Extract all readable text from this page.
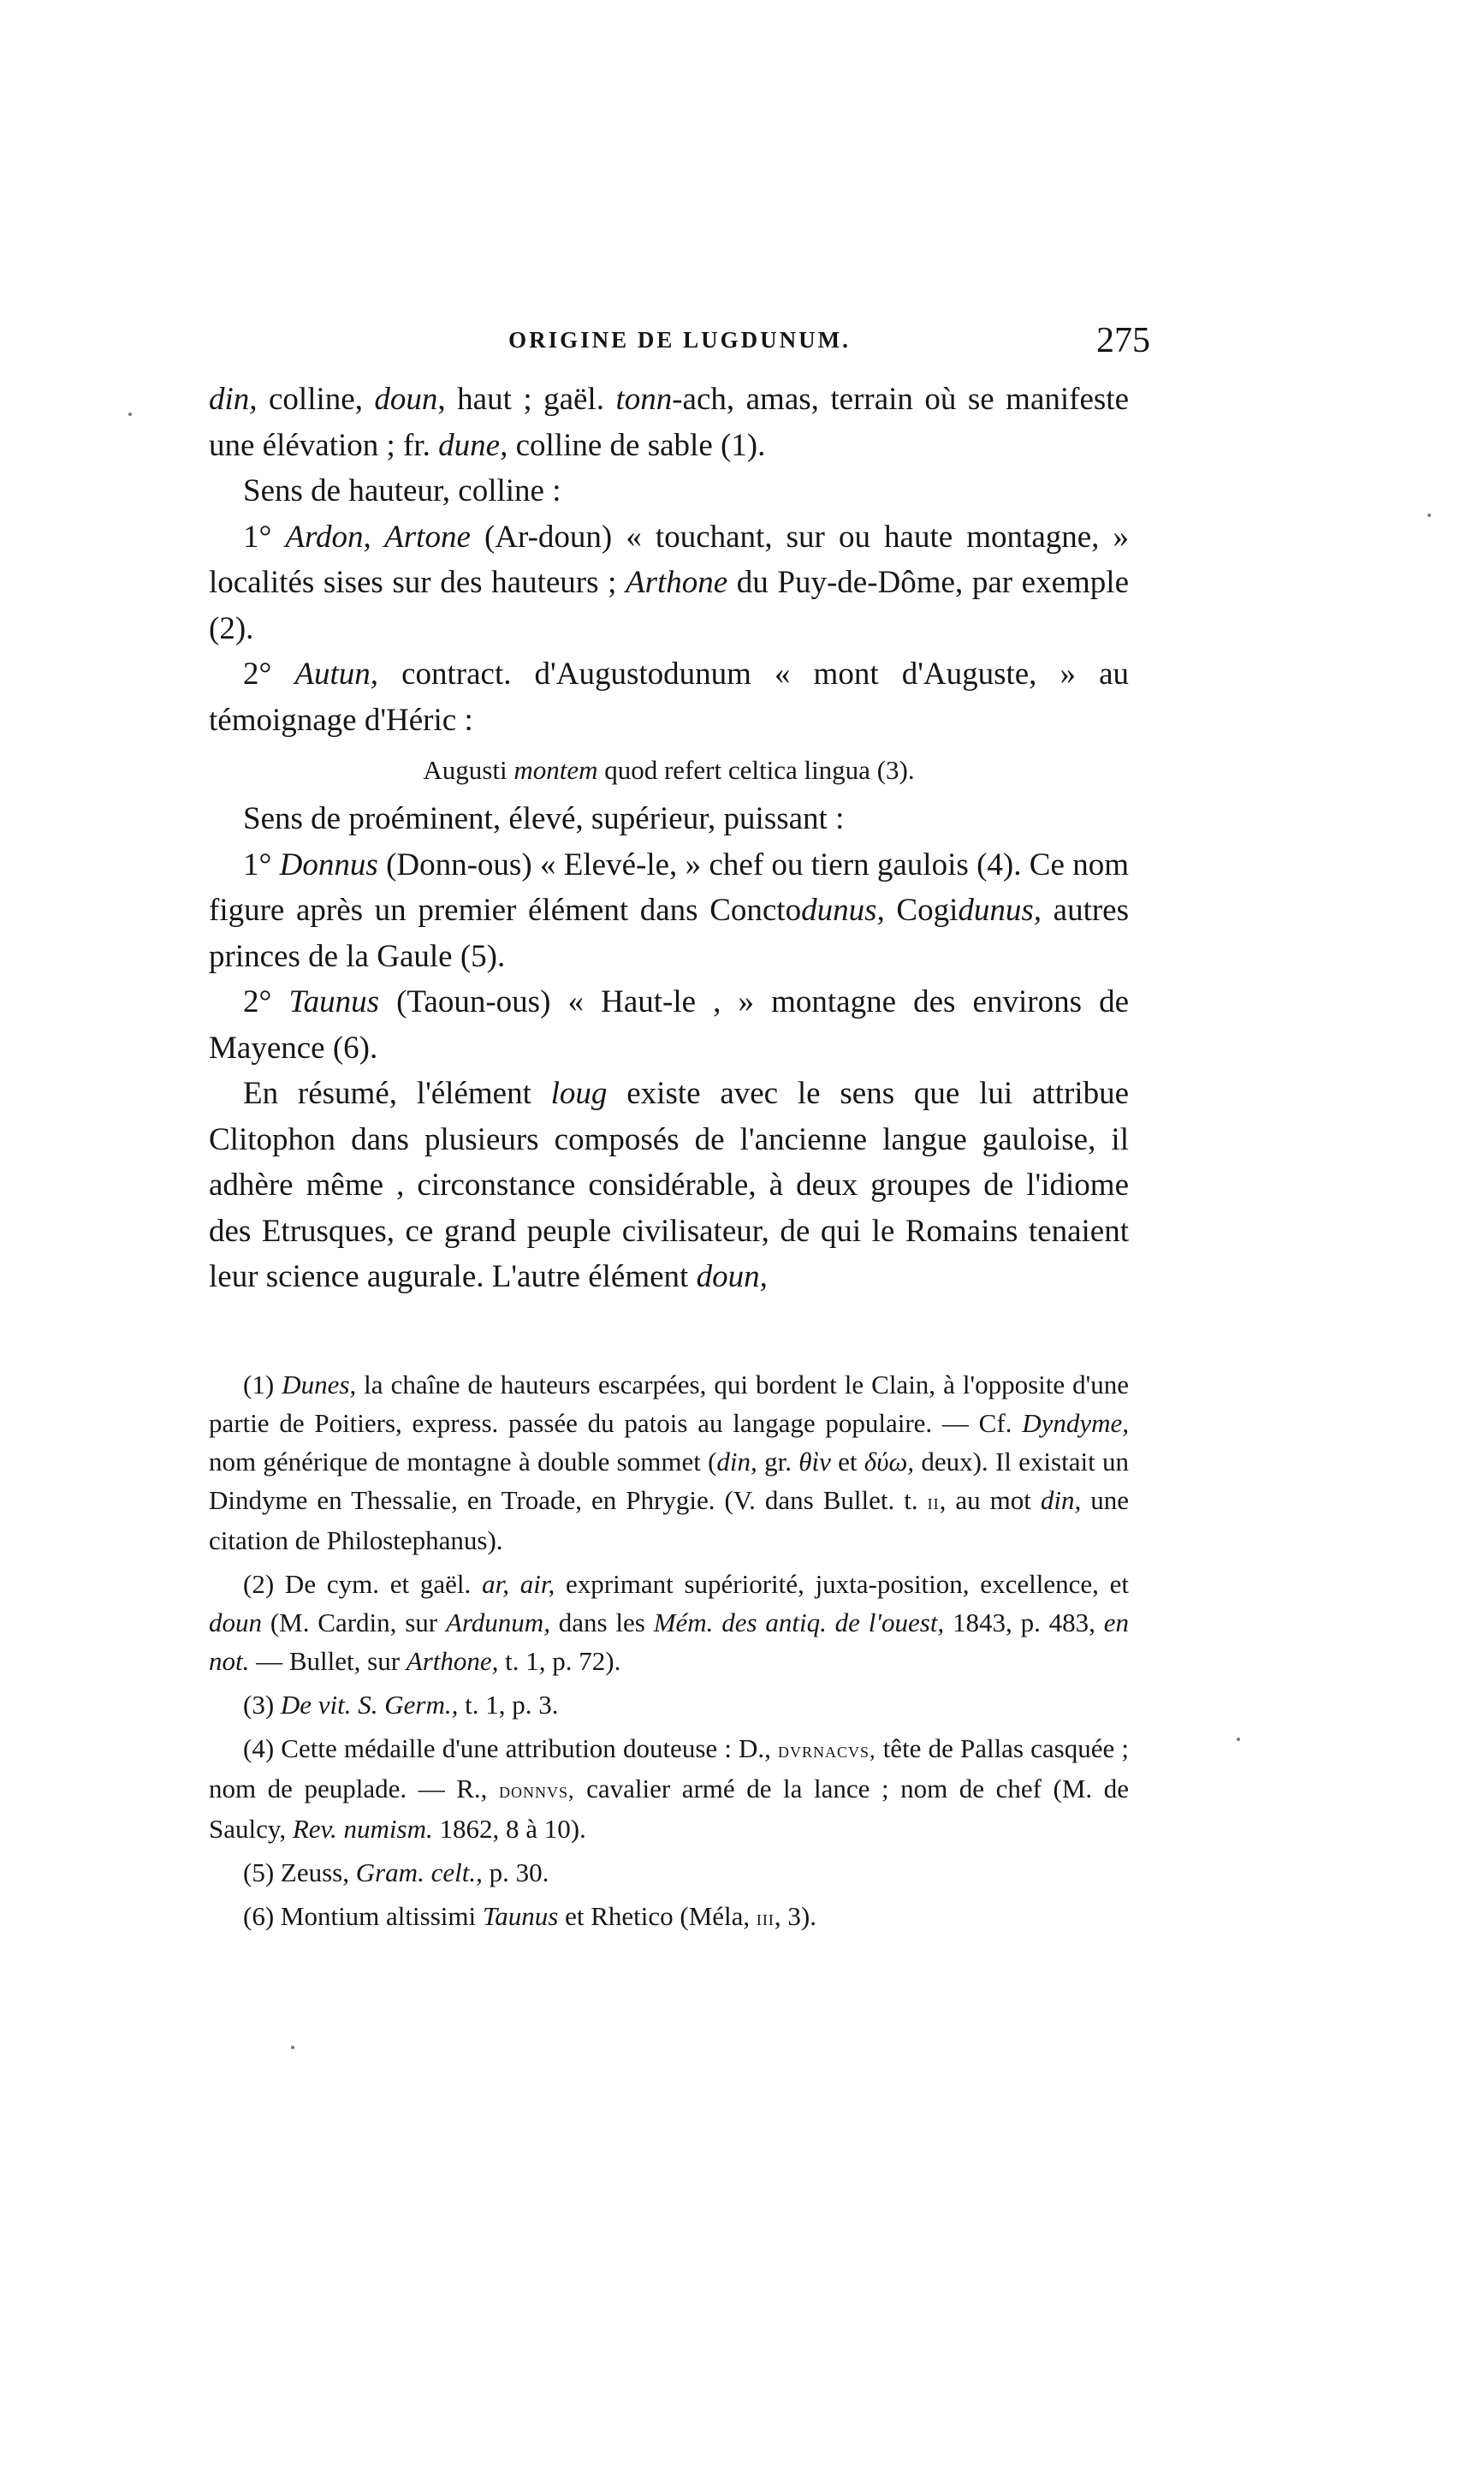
ORIGINE DE LUGDUNUM.	275

din, colline, doun, haut ; gaël. tonn-ach, amas, terrain où se manifeste une élévation ; fr. dune, colline de sable (1).

Sens de hauteur, colline :

1° Ardon, Artone (Ar-doun) « touchant, sur ou haute montagne, » localités sises sur des hauteurs ; Arthone du Puy-de-Dôme, par exemple (2).

2° Autun, contract. d'Augustodunum « mont d'Auguste, » au témoignage d'Héric :

Augusti montem quod refert celtica lingua (3).

Sens de proéminent, élevé, supérieur, puissant :

1° Donnus (Donn-ous) « Elevé-le, » chef ou tiern gaulois (4). Ce nom figure après un premier élément dans Conctodunus, Cogidunus, autres princes de la Gaule (5).

2° Taunus (Taoun-ous) « Haut-le , » montagne des environs de Mayence (6).

En résumé, l'élément loug existe avec le sens que lui attribue Clitophon dans plusieurs composés de l'ancienne langue gauloise, il adhère même , circonstance considérable, à deux groupes de l'idiome des Etrusques, ce grand peuple civilisateur, de qui le Romains tenaient leur science augurale. L'autre élément doun,

(1) Dunes, la chaîne de hauteurs escarpées, qui bordent le Clain, à l'opposite d'une partie de Poitiers, express. passée du patois au langage populaire. — Cf. Dyndyme, nom générique de montagne à double sommet (din, gr. θὶν et δύω, deux). Il existait un Dindyme en Thessalie, en Troade, en Phrygie. (V. dans Bullet. t. ii, au mot din, une citation de Philostephanus).

(2) De cym. et gaël. ar, air, exprimant supériorité, juxta-position, excellence, et doun (M. Cardin, sur Ardunum, dans les Mém. des antiq. de l'ouest, 1843, p. 483, en not. — Bullet, sur Arthone, t. 1, p. 72).

(3) De vit. S. Germ., t. 1, p. 3.

(4) Cette médaille d'une attribution douteuse : D., dvrnacvs, tête de Pallas casquée ; nom de peuplade. — R., donnvs, cavalier armé de la lance ; nom de chef (M. de Saulcy, Rev. numism. 1862, 8 à 10).

(5) Zeuss, Gram. celt., p. 30.

(6) Montium altissimi Taunus et Rhetico (Méla, iii, 3).
